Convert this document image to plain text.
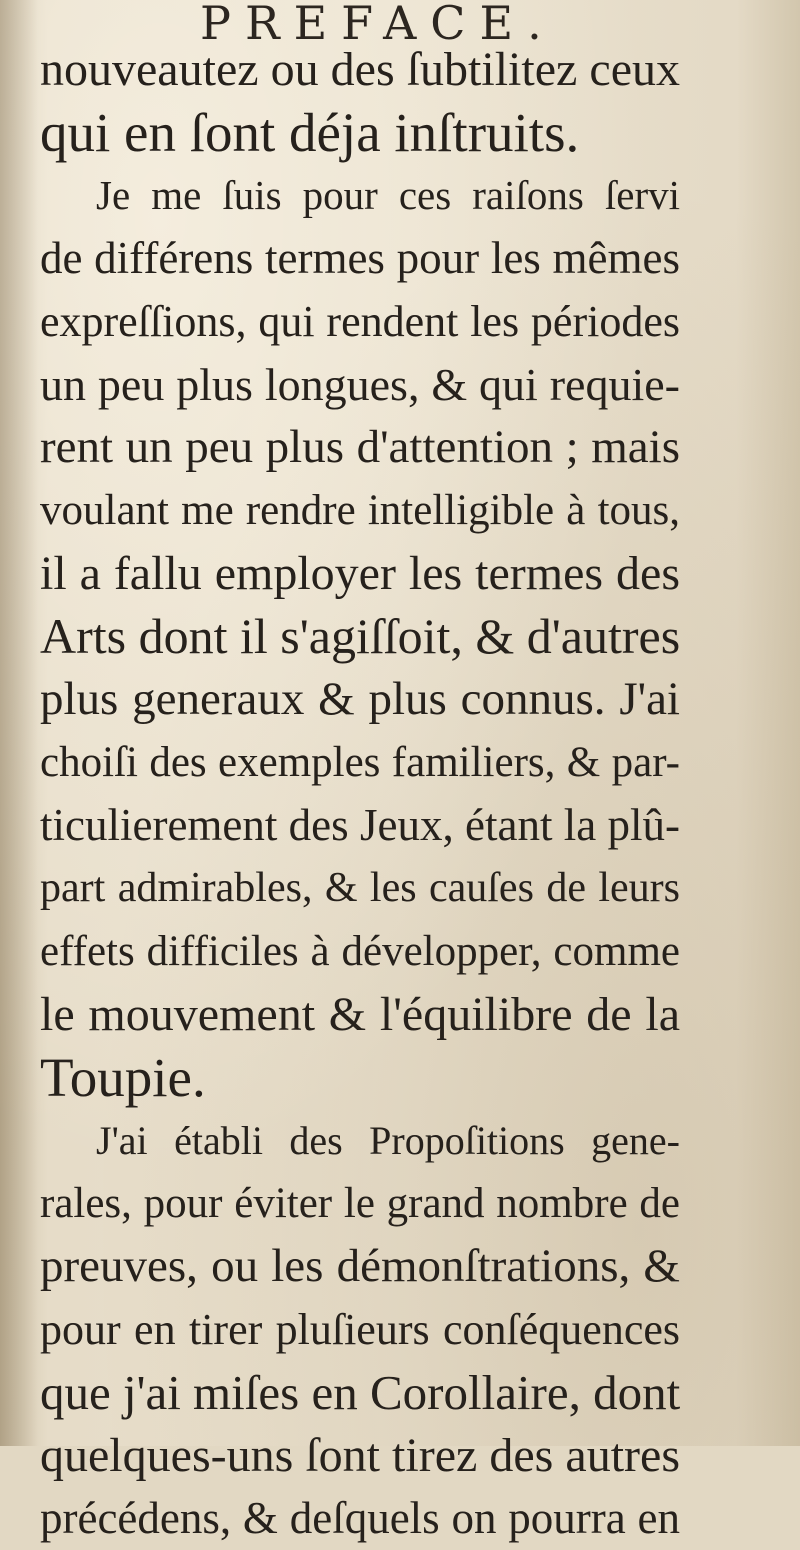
PREFACE.
nouveautez ou des ſubtilitez ceux
qui en ſont déja inſtruits.
Je me ſuis pour ces raiſons ſervi
de différens termes pour les mêmes
expreſſions, qui rendent les périodes
un peu plus longues, & qui requie-
rent un peu plus d'attention ; mais
voulant me rendre intelligible à tous,
il a fallu employer les termes des
Arts dont il s'agiſſoit, & d'autres
plus generaux & plus connus. J'ai
choiſi des exemples familiers, & par-
ticulierement des Jeux, étant la plû-
part admirables, & les cauſes de leurs
effets difficiles à développer, comme
le mouvement & l'équilibre de la
Toupie.
J'ai établi des Propoſitions gene-
rales, pour éviter le grand nombre de
preuves, ou les démonſtrations, &
pour en tirer pluſieurs conſéquences
que j'ai miſes en Corollaire, dont
quelques-uns ſont tirez des autres
précédens, & deſquels on pourra en
